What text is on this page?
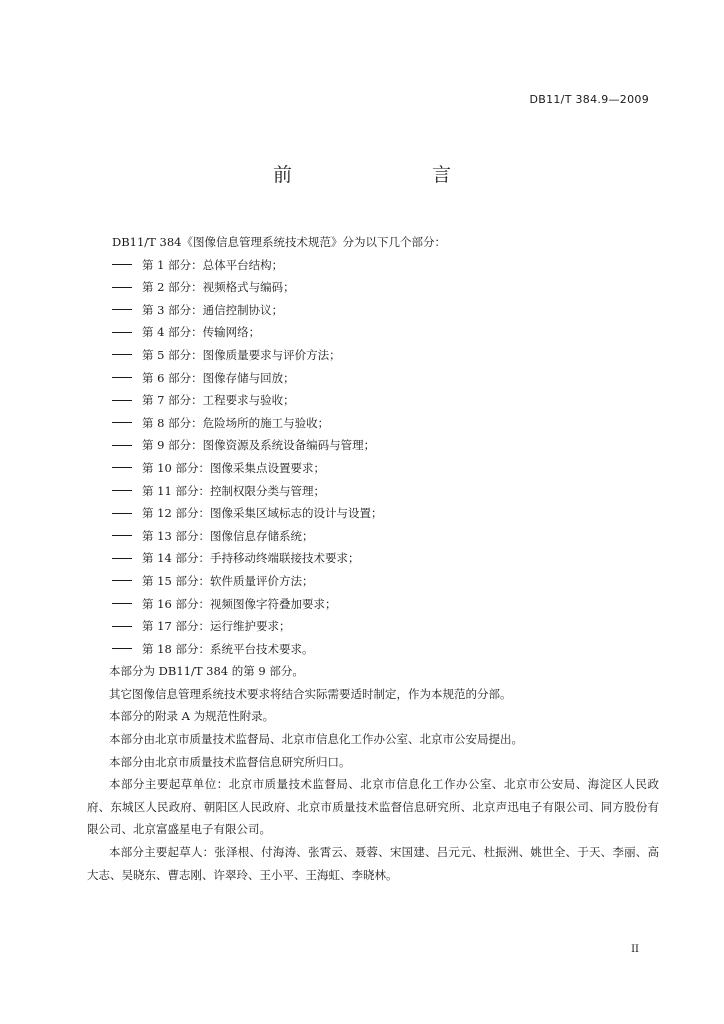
DB11/T 384.9—2009
前　　言

DB11/T 384《图像信息管理系统技术规范》分为以下几个部分：

第 1 部分：总体平台结构；

第 2 部分：视频格式与编码；

第 3 部分：通信控制协议；

第 4 部分：传输网络；

第 5 部分：图像质量要求与评价方法；

第 6 部分：图像存储与回放；

第 7 部分：工程要求与验收；

第 8 部分：危险场所的施工与验收；

第 9 部分：图像资源及系统设备编码与管理；

第 10 部分：图像采集点设置要求；

第 11 部分：控制权限分类与管理；

第 12 部分：图像采集区域标志的设计与设置；

第 13 部分：图像信息存储系统；

第 14 部分：手持移动终端联接技术要求；

第 15 部分：软件质量评价方法；

第 16 部分：视频图像字符叠加要求；

第 17 部分：运行维护要求；

第 18 部分：系统平台技术要求。

本部分为 DB11/T 384 的第 9 部分。

其它图像信息管理系统技术要求将结合实际需要适时制定，作为本规范的分部。

本部分的附录 A 为规范性附录。

本部分由北京市质量技术监督局、北京市信息化工作办公室、北京市公安局提出。

本部分由北京市质量技术监督信息研究所归口。

本部分主要起草单位：北京市质量技术监督局、北京市信息化工作办公室、北京市公安局、海淀区人民政府、东城区人民政府、朝阳区人民政府、北京市质量技术监督信息研究所、北京声迅电子有限公司、同方股份有限公司、北京富盛星电子有限公司。

本部分主要起草人：张泽根、付海涛、张霄云、聂蓉、宋国建、吕元元、杜振洲、姚世全、于天、李丽、高大志、吴晓东、曹志刚、许翠玲、王小平、王海虹、李晓林。

II
